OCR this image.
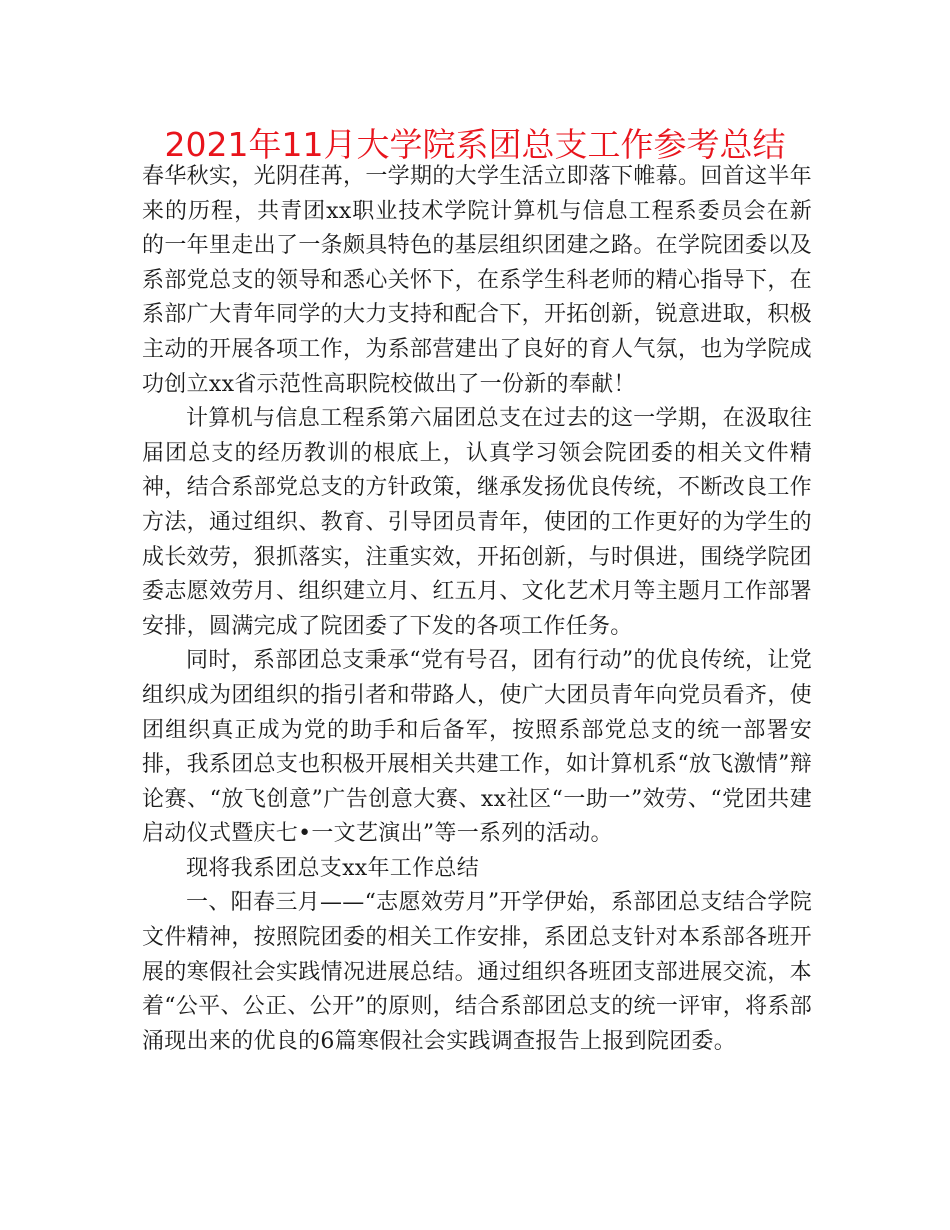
2021年11月大学院系团总支工作参考总结

春华秋实，光阴荏苒，一学期的大学生活立即落下帷幕。回首这半年来的历程，共青团xx职业技术学院计算机与信息工程系委员会在新的一年里走出了一条颇具特色的基层组织团建之路。在学院团委以及系部党总支的领导和悉心关怀下，在系学生科老师的精心指导下，在系部广大青年同学的大力支持和配合下，开拓创新，锐意进取，积极主动的开展各项工作，为系部营建出了良好的育人气氛，也为学院成功创立xx省示范性高职院校做出了一份新的奉献！

计算机与信息工程系第六届团总支在过去的这一学期，在汲取往届团总支的经历教训的根底上，认真学习领会院团委的相关文件精神，结合系部党总支的方针政策，继承发扬优良传统，不断改良工作方法，通过组织、教育、引导团员青年，使团的工作更好的为学生的成长效劳，狠抓落实，注重实效，开拓创新，与时俱进，围绕学院团委志愿效劳月、组织建立月、红五月、文化艺术月等主题月工作部署安排，圆满完成了院团委了下发的各项工作任务。

同时，系部团总支秉承“党有号召，团有行动”的优良传统，让党组织成为团组织的指引者和带路人，使广大团员青年向党员看齐，使团组织真正成为党的助手和后备军，按照系部党总支的统一部署安排，我系团总支也积极开展相关共建工作，如计算机系“放飞激情”辩论赛、“放飞创意”广告创意大赛、xx社区“一助一”效劳、“党团共建启动仪式暨庆七•一文艺演出”等一系列的活动。

现将我系团总支xx年工作总结

一、阳春三月——“志愿效劳月”开学伊始，系部团总支结合学院文件精神，按照院团委的相关工作安排，系团总支针对本系部各班开展的寒假社会实践情况进展总结。通过组织各班团支部进展交流，本着“公平、公正、公开”的原则，结合系部团总支的统一评审，将系部涌现出来的优良的6篇寒假社会实践调查报告上报到院团委。
